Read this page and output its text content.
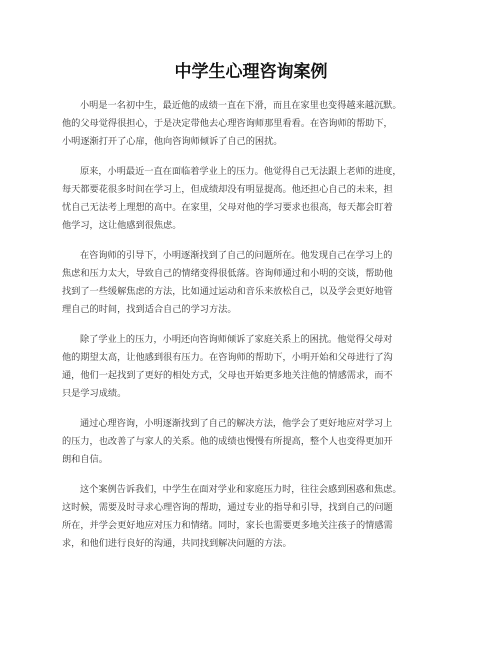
中学生心理咨询案例
小明是一名初中生，最近他的成绩一直在下滑，而且在家里也变得越来越沉默。
他的父母觉得很担心，于是决定带他去心理咨询师那里看看。在咨询师的帮助下，
小明逐渐打开了心扉，他向咨询师倾诉了自己的困扰。
原来，小明最近一直在面临着学业上的压力。他觉得自己无法跟上老师的进度，
每天都要花很多时间在学习上，但成绩却没有明显提高。他还担心自己的未来，担
忧自己无法考上理想的高中。在家里，父母对他的学习要求也很高，每天都会盯着
他学习，这让他感到很焦虑。
在咨询师的引导下，小明逐渐找到了自己的问题所在。他发现自己在学习上的
焦虑和压力太大，导致自己的情绪变得很低落。咨询师通过和小明的交谈，帮助他
找到了一些缓解焦虑的方法，比如通过运动和音乐来放松自己，以及学会更好地管
理自己的时间，找到适合自己的学习方法。
除了学业上的压力，小明还向咨询师倾诉了家庭关系上的困扰。他觉得父母对
他的期望太高，让他感到很有压力。在咨询师的帮助下，小明开始和父母进行了沟
通，他们一起找到了更好的相处方式，父母也开始更多地关注他的情感需求，而不
只是学习成绩。
通过心理咨询，小明逐渐找到了自己的解决方法，他学会了更好地应对学习上
的压力，也改善了与家人的关系。他的成绩也慢慢有所提高，整个人也变得更加开
朗和自信。
这个案例告诉我们，中学生在面对学业和家庭压力时，往往会感到困惑和焦虑。
这时候，需要及时寻求心理咨询的帮助，通过专业的指导和引导，找到自己的问题
所在，并学会更好地应对压力和情绪。同时，家长也需要更多地关注孩子的情感需
求，和他们进行良好的沟通，共同找到解决问题的方法。
